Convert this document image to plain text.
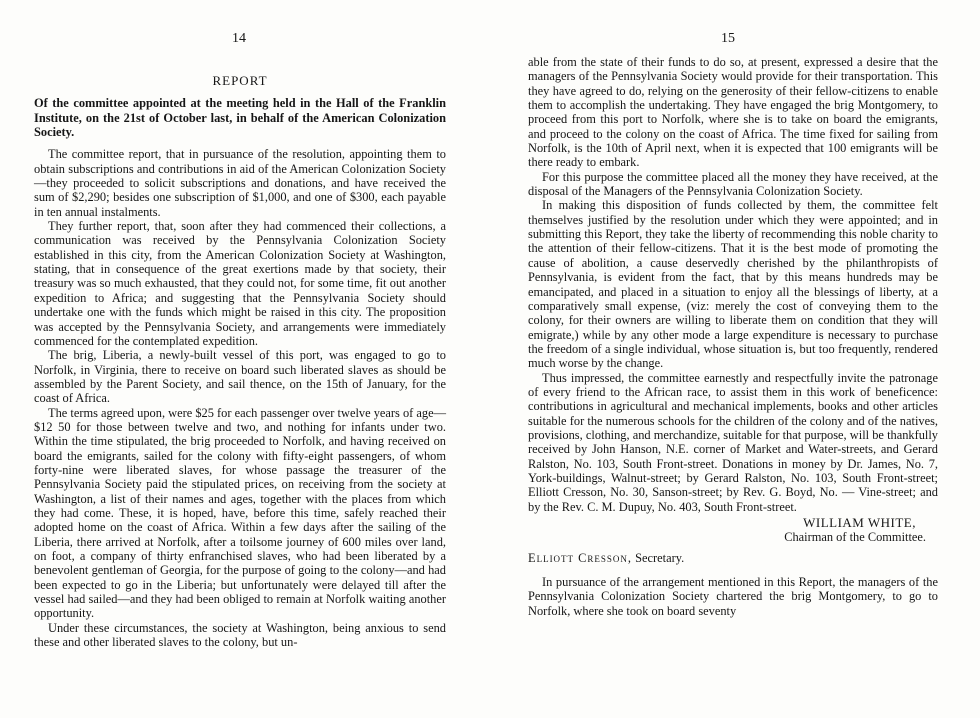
14

REPORT

Of the committee appointed at the meeting held in the Hall of the Franklin Institute, on the 21st of October last, in behalf of the American Colonization Society.

The committee report, that in pursuance of the resolution, appointing them to obtain subscriptions and contributions in aid of the American Colonization Society—they proceeded to solicit subscriptions and donations, and have received the sum of $2,290; besides one subscription of $1,000, and one of $300, each payable in ten annual instalments.

They further report, that, soon after they had commenced their collections, a communication was received by the Pennsylvania Colonization Society established in this city, from the American Colonization Society at Washington, stating, that in consequence of the great exertions made by that society, their treasury was so much exhausted, that they could not, for some time, fit out another expedition to Africa; and suggesting that the Pennsylvania Society should undertake one with the funds which might be raised in this city. The proposition was accepted by the Pennsylvania Society, and arrangements were immediately commenced for the contemplated expedition.

The brig, Liberia, a newly-built vessel of this port, was engaged to go to Norfolk, in Virginia, there to receive on board such liberated slaves as should be assembled by the Parent Society, and sail thence, on the 15th of January, for the coast of Africa.

The terms agreed upon, were $25 for each passenger over twelve years of age—$12 50 for those between twelve and two, and nothing for infants under two. Within the time stipulated, the brig proceeded to Norfolk, and having received on board the emigrants, sailed for the colony with fifty-eight passengers, of whom forty-nine were liberated slaves, for whose passage the treasurer of the Pennsylvania Society paid the stipulated prices, on receiving from the society at Washington, a list of their names and ages, together with the places from which they had come. These, it is hoped, have, before this time, safely reached their adopted home on the coast of Africa. Within a few days after the sailing of the Liberia, there arrived at Norfolk, after a toilsome journey of 600 miles over land, on foot, a company of thirty enfranchised slaves, who had been liberated by a benevolent gentleman of Georgia, for the purpose of going to the colony—and had been expected to go in the Liberia; but unfortunately were delayed till after the vessel had sailed—and they had been obliged to remain at Norfolk waiting another opportunity.

Under these circumstances, the society at Washington, being anxious to send these and other liberated slaves to the colony, but un-

15

able from the state of their funds to do so, at present, expressed a desire that the managers of the Pennsylvania Society would provide for their transportation. This they have agreed to do, relying on the generosity of their fellow-citizens to enable them to accomplish the undertaking. They have engaged the brig Montgomery, to proceed from this port to Norfolk, where she is to take on board the emigrants, and proceed to the colony on the coast of Africa. The time fixed for sailing from Norfolk, is the 10th of April next, when it is expected that 100 emigrants will be there ready to embark.

For this purpose the committee placed all the money they have received, at the disposal of the Managers of the Pennsylvania Colonization Society.

In making this disposition of funds collected by them, the committee felt themselves justified by the resolution under which they were appointed; and in submitting this Report, they take the liberty of recommending this noble charity to the attention of their fellow-citizens. That it is the best mode of promoting the cause of abolition, a cause deservedly cherished by the philanthropists of Pennsylvania, is evident from the fact, that by this means hundreds may be emancipated, and placed in a situation to enjoy all the blessings of liberty, at a comparatively small expense, (viz: merely the cost of conveying them to the colony, for their owners are willing to liberate them on condition that they will emigrate,) while by any other mode a large expenditure is necessary to purchase the freedom of a single individual, whose situation is, but too frequently, rendered much worse by the change.

Thus impressed, the committee earnestly and respectfully invite the patronage of every friend to the African race, to assist them in this work of beneficence: contributions in agricultural and mechanical implements, books and other articles suitable for the numerous schools for the children of the colony and of the natives, provisions, clothing, and merchandize, suitable for that purpose, will be thankfully received by John Hanson, N.E. corner of Market and Water-streets, and Gerard Ralston, No. 103, South Front-street. Donations in money by Dr. James, No. 7, York-buildings, Walnut-street; by Gerard Ralston, No. 103, South Front-street; Elliott Cresson, No. 30, Sanson-street; by Rev. G. Boyd, No. — Vine-street; and by the Rev. C. M. Dupuy, No. 403, South Front-street.

WILLIAM WHITE,

Chairman of the Committee.

Elliott Cresson, Secretary.

In pursuance of the arrangement mentioned in this Report, the managers of the Pennsylvania Colonization Society chartered the brig Montgomery, to go to Norfolk, where she took on board seventy
